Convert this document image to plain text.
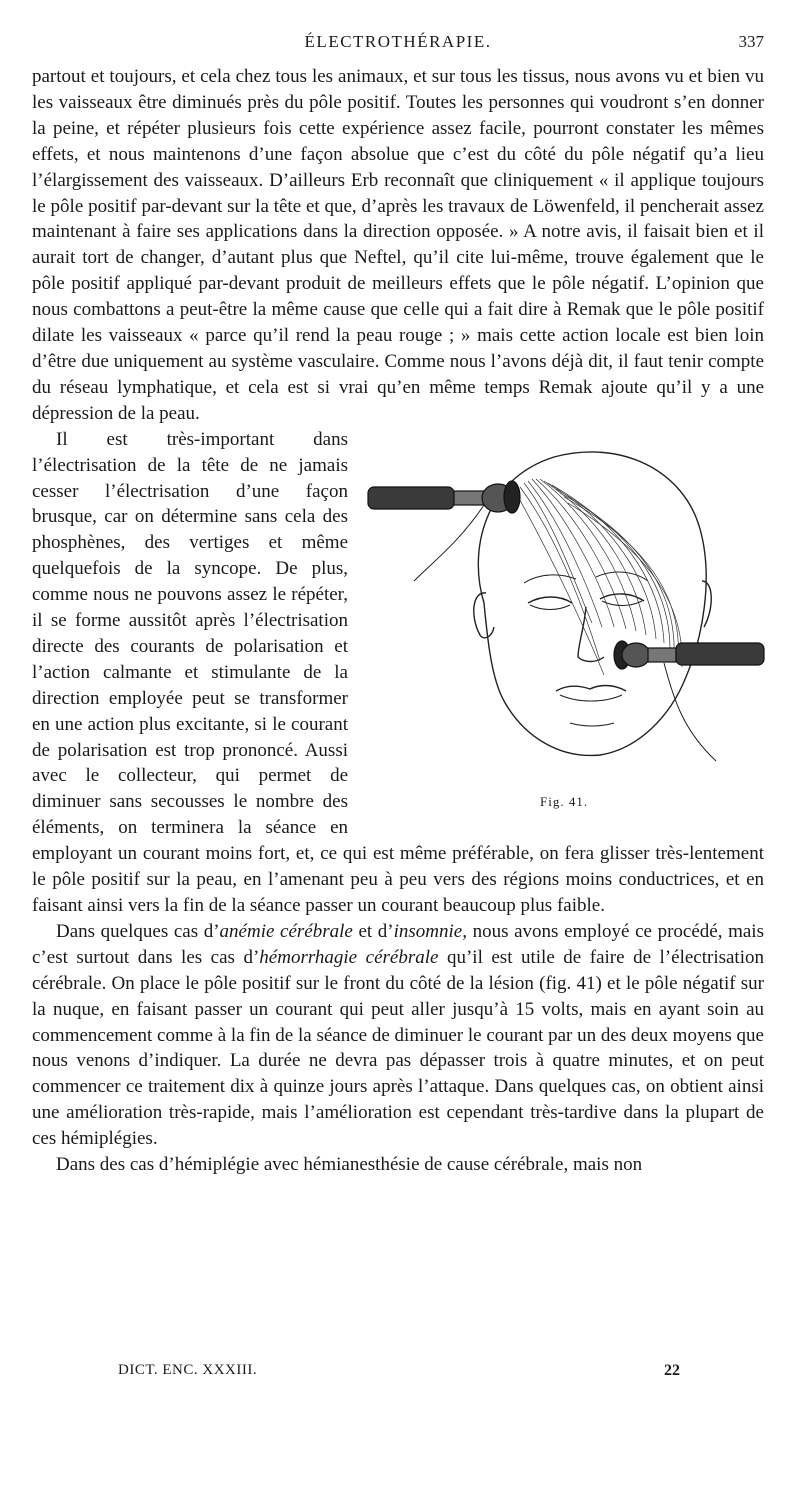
ÉLECTROTHÉRAPIE.	337

partout et toujours, et cela chez tous les animaux, et sur tous les tissus, nous avons vu et bien vu les vaisseaux être diminués près du pôle positif. Toutes les personnes qui voudront s’en donner la peine, et répéter plusieurs fois cette expérience assez facile, pourront constater les mêmes effets, et nous maintenons d’une façon absolue que c’est du côté du pôle négatif qu’a lieu l’élargissement des vaisseaux. D’ailleurs Erb reconnaît que cliniquement « il applique toujours le pôle positif par-devant sur la tête et que, d’après les travaux de Löwenfeld, il pencherait assez maintenant à faire ses applications dans la direction opposée. » A notre avis, il faisait bien et il aurait tort de changer, d’autant plus que Neftel, qu’il cite lui-même, trouve également que le pôle positif appliqué par-devant produit de meilleurs effets que le pôle négatif. L’opinion que nous combattons a peut-être la même cause que celle qui a fait dire à Remak que le pôle positif dilate les vaisseaux « parce qu’il rend la peau rouge ; » mais cette action locale est bien loin d’être due uniquement au système vasculaire. Comme nous l’avons déjà dit, il faut tenir compte du réseau lymphatique, et cela est si vrai qu’en même temps Remak ajoute qu’il y a une dépression de la peau.

Fig. 41.
Il est très-important dans l’électrisation de la tête de ne jamais cesser l’électrisation d’une façon brusque, car on détermine sans cela des phosphènes, des vertiges et même quelquefois de la syncope. De plus, comme nous ne pouvons assez le répéter, il se forme aussitôt après l’électrisation directe des courants de polarisation et l’action calmante et stimulante de la direction employée peut se transformer en une action plus excitante, si le courant de polarisation est trop prononcé. Aussi avec le collecteur, qui permet de diminuer sans secousses le nombre des éléments, on terminera la séance en employant un courant moins fort, et, ce qui est même préférable, on fera glisser très-lentement le pôle positif sur la peau, en l’amenant peu à peu vers des régions moins conductrices, et en faisant ainsi vers la fin de la séance passer un courant beaucoup plus faible.

Dans quelques cas d’anémie cérébrale et d’insomnie, nous avons employé ce procédé, mais c’est surtout dans les cas d’hémorrhagie cérébrale qu’il est utile de faire de l’électrisation cérébrale. On place le pôle positif sur le front du côté de la lésion (fig. 41) et le pôle négatif sur la nuque, en faisant passer un courant qui peut aller jusqu’à 15 volts, mais en ayant soin au commencement comme à la fin de la séance de diminuer le courant par un des deux moyens que nous venons d’indiquer. La durée ne devra pas dépasser trois à quatre minutes, et on peut commencer ce traitement dix à quinze jours après l’attaque. Dans quelques cas, on obtient ainsi une amélioration très-rapide, mais l’amélioration est cependant très-tardive dans la plupart de ces hémiplégies.

Dans des cas d’hémiplégie avec hémianesthésie de cause cérébrale, mais non

DICT. ENC. XXXIII.	22
